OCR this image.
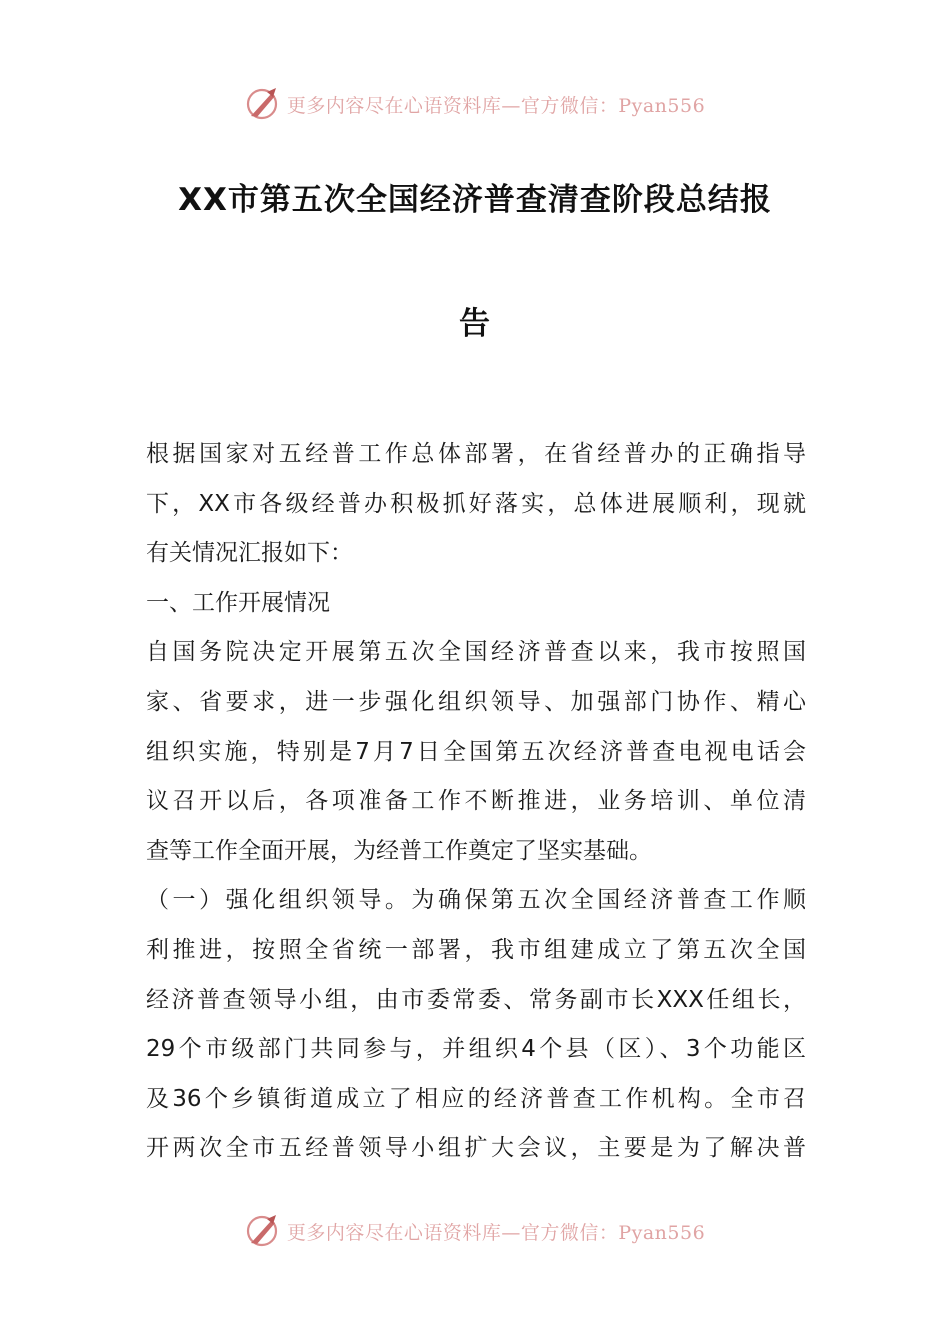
更多内容尽在心语资料库—官方微信：Pyan556
XX市第五次全国经济普查清查阶段总结报
告
根据国家对五经普工作总体部署，在省经普办的正确指导
下，XX市各级经普办积极抓好落实，总体进展顺利，现就
有关情况汇报如下：
一、工作开展情况
自国务院决定开展第五次全国经济普查以来，我市按照国
家、省要求，进一步强化组织领导、加强部门协作、精心
组织实施，特别是7月7日全国第五次经济普查电视电话会
议召开以后，各项准备工作不断推进，业务培训、单位清
查等工作全面开展，为经普工作奠定了坚实基础。
（一）强化组织领导。为确保第五次全国经济普查工作顺
利推进，按照全省统一部署，我市组建成立了第五次全国
经济普查领导小组，由市委常委、常务副市长XXX任组长，
29个市级部门共同参与，并组织4个县（区）、3个功能区
及36个乡镇街道成立了相应的经济普查工作机构。全市召
开两次全市五经普领导小组扩大会议，主要是为了解决普
更多内容尽在心语资料库—官方微信：Pyan556
